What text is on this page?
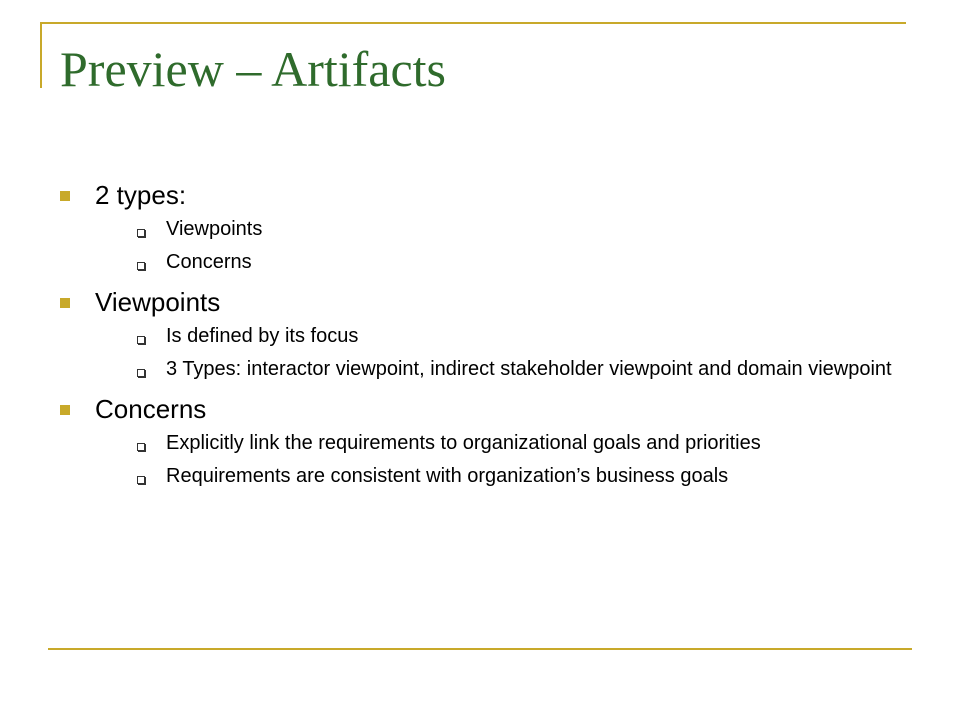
Preview – Artifacts
2 types:
Viewpoints
Concerns
Viewpoints
Is defined by its focus
3 Types: interactor viewpoint, indirect stakeholder viewpoint and domain viewpoint
Concerns
Explicitly link the requirements to organizational goals and priorities
Requirements are consistent with organization’s business goals
